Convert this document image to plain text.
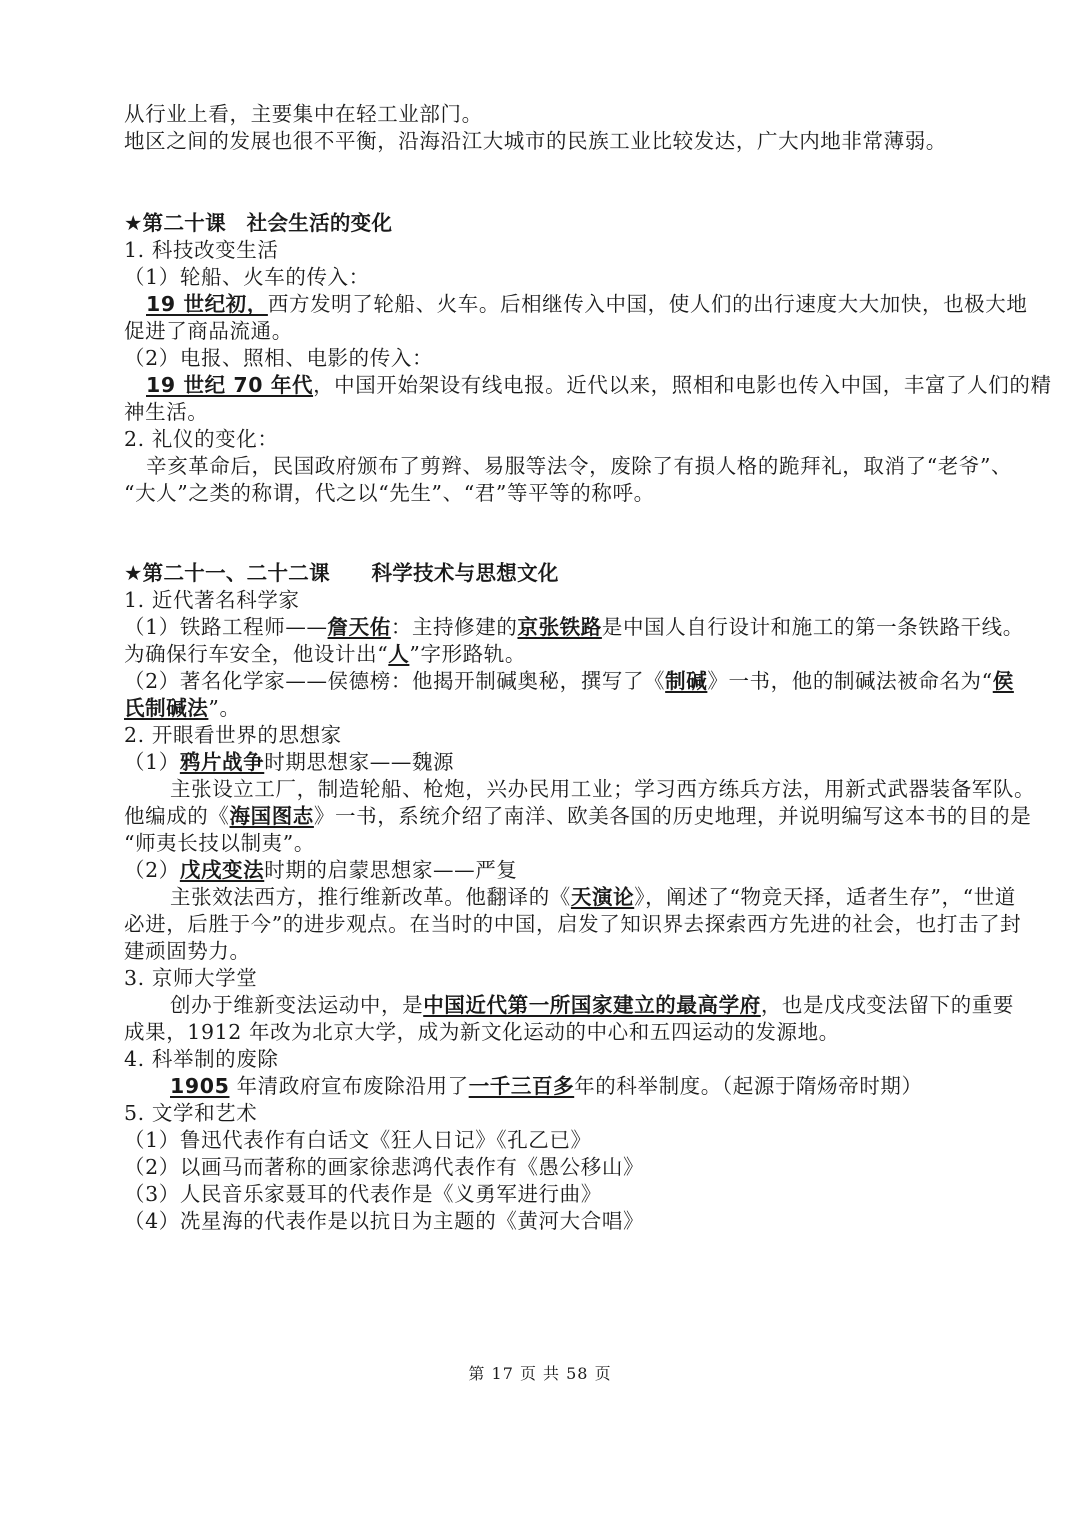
从行业上看，主要集中在轻工业部门。
地区之间的发展也很不平衡，沿海沿江大城市的民族工业比较发达，广大内地非常薄弱。
★第二十课　社会生活的变化
1. 科技改变生活
（1）轮船、火车的传入：
19 世纪初，西方发明了轮船、火车。后相继传入中国，使人们的出行速度大大加快，也极大地
促进了商品流通。
（2）电报、照相、电影的传入：
19 世纪 70 年代，中国开始架设有线电报。近代以来，照相和电影也传入中国，丰富了人们的精
神生活。
2. 礼仪的变化：
辛亥革命后，民国政府颁布了剪辫、易服等法令，废除了有损人格的跪拜礼，取消了“老爷”、
“大人”之类的称谓，代之以“先生”、“君”等平等的称呼。
★第二十一、二十二课　　科学技术与思想文化
1. 近代著名科学家
（1）铁路工程师——詹天佑：主持修建的京张铁路是中国人自行设计和施工的第一条铁路干线。
为确保行车安全，他设计出“人”字形路轨。
（2）著名化学家——侯德榜：他揭开制碱奥秘，撰写了《制碱》一书，他的制碱法被命名为“侯
氏制碱法”。
2. 开眼看世界的思想家
（1）鸦片战争时期思想家——魏源
主张设立工厂，制造轮船、枪炮，兴办民用工业；学习西方练兵方法，用新式武器装备军队。
他编成的《海国图志》一书，系统介绍了南洋、欧美各国的历史地理，并说明编写这本书的目的是
“师夷长技以制夷”。
（2）戊戌变法时期的启蒙思想家——严复
主张效法西方，推行维新改革。他翻译的《天演论》，阐述了“物竞天择，适者生存”，“世道
必进，后胜于今”的进步观点。在当时的中国，启发了知识界去探索西方先进的社会，也打击了封
建顽固势力。
3. 京师大学堂
创办于维新变法运动中，是中国近代第一所国家建立的最高学府，也是戊戌变法留下的重要
成果，1912 年改为北京大学，成为新文化运动的中心和五四运动的发源地。
4. 科举制的废除
1905 年清政府宣布废除沿用了一千三百多年的科举制度。（起源于隋炀帝时期）
5. 文学和艺术
（1）鲁迅代表作有白话文《狂人日记》《孔乙已》
（2）以画马而著称的画家徐悲鸿代表作有《愚公移山》
（3）人民音乐家聂耳的代表作是《义勇军进行曲》
（4）冼星海的代表作是以抗日为主题的《黄河大合唱》
第 17 页 共 58 页
